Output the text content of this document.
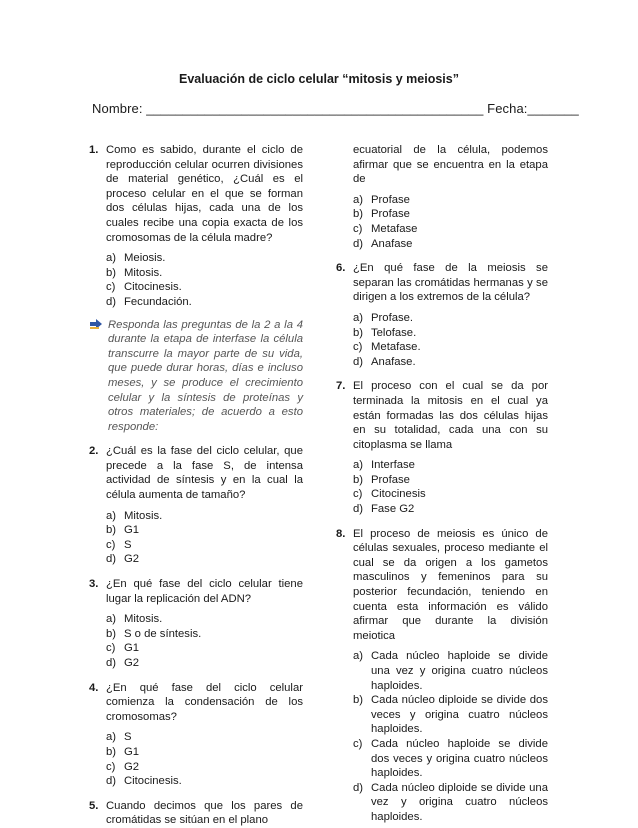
Evaluación de ciclo celular “mitosis y meiosis”
Nombre: ______________________________________________ Fecha:_______
1. Como es sabido, durante el ciclo de reproducción celular ocurren divisiones de material genético, ¿Cuál es el proceso celular en el que se forman dos células hijas, cada una de los cuales recibe una copia exacta de los cromosomas de la célula madre?
a) Meiosis.
b) Mitosis.
c) Citocinesis.
d) Fecundación.
Responda las preguntas de la 2 a la 4 durante la etapa de interfase la célula transcurre la mayor parte de su vida, que puede durar horas, días e incluso meses, y se produce el crecimiento celular y la síntesis de proteínas y otros materiales; de acuerdo a esto responde:
2. ¿Cuál es la fase del ciclo celular, que precede a la fase S, de intensa actividad de síntesis y en la cual la célula aumenta de tamaño?
a) Mitosis.
b) G1
c) S
d) G2
3. ¿En qué fase del ciclo celular tiene lugar la replicación del ADN?
a) Mitosis.
b) S o de síntesis.
c) G1
d) G2
4. ¿En qué fase del ciclo celular comienza la condensación de los cromosomas?
a) S
b) G1
c) G2
d) Citocinesis.
5. Cuando decimos que los pares de cromátidas se sitúan en el plano
ecuatorial de la célula, podemos afirmar que se encuentra en la etapa de
a) Profase
b) Profase
c) Metafase
d) Anafase
6. ¿En qué fase de la meiosis se separan las cromátidas hermanas y se dirigen a los extremos de la célula?
a) Profase.
b) Telofase.
c) Metafase.
d) Anafase.
7. El proceso con el cual se da por terminada la mitosis en el cual ya están formadas las dos células hijas en su totalidad, cada una con su citoplasma se llama
a) Interfase
b) Profase
c) Citocinesis
d) Fase G2
8. El proceso de meiosis es único de células sexuales, proceso mediante el cual se da origen a los gametos masculinos y femeninos para su posterior fecundación, teniendo en cuenta esta información es válido afirmar que durante la división meiotica
a) Cada núcleo haploide se divide una vez y origina cuatro núcleos haploides.
b) Cada núcleo diploide se divide dos veces y origina cuatro núcleos haploides.
c) Cada núcleo haploide se divide dos veces y origina cuatro núcleos haploides.
d) Cada núcleo diploide se divide una vez y origina cuatro núcleos haploides.
